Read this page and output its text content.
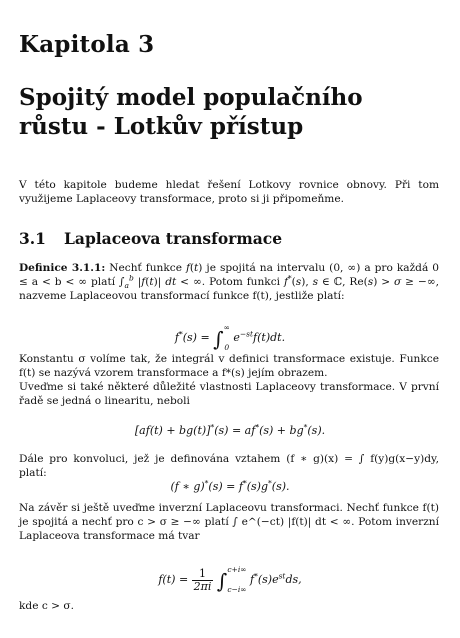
Kapitola 3
Spojitý model populačního
růstu - Lotkův přístup
V této kapitole budeme hledat řešení Lotkovy rovnice obnovy. Při tom využijeme Laplaceovy transformace, proto si ji připomeňme.
3.1 Laplaceova transformace
Definice 3.1.1: Nechť funkce f(t) je spojitá na intervalu (0, ∞) a pro každá 0 ≤ a < b < ∞ platí $\int_a^b$ |f(t)| dt < ∞. Potom funkci f*(s), s ∈ ℂ, Re(s) > σ ≥ −∞, nazveme Laplaceovou transformací funkce f(t), jestliže platí:
f*(s) = ∫ ∞
0
$e^{-st}f(t)dt$.
Konstantu σ volíme tak, že integrál v definici transformace existuje. Funkce f(t) se nazývá vzorem transformace a f*(s) jejím obrazem.
Uveďme si také některé důležité vlastnosti Laplaceovy transformace. V první řadě se jedná o linearitu, neboli
[af(t) + bg(t)]*(s) = af*(s) + bg*(s).
Dále pro konvoluci, jež je definována vztahem (f ∗ g)(x) = ∫ f(y)g(x−y)dy, platí:
(f ∗ g)*(s) = f*(s)g*(s).
Na závěr si ještě uveďme inverzní Laplaceovu transformaci. Nechť funkce f(t) je spojitá a nechť pro c > σ ≥ −∞ platí ∫ e^(−ct) |f(t)| dt < ∞. Potom inverzní Laplaceova transformace má tvar
$f(t) = \frac{1}{2\pi i}$ ∫ c+i∞
c−i∞
$f^*(s)e^{st}ds$,
kde c > σ.
